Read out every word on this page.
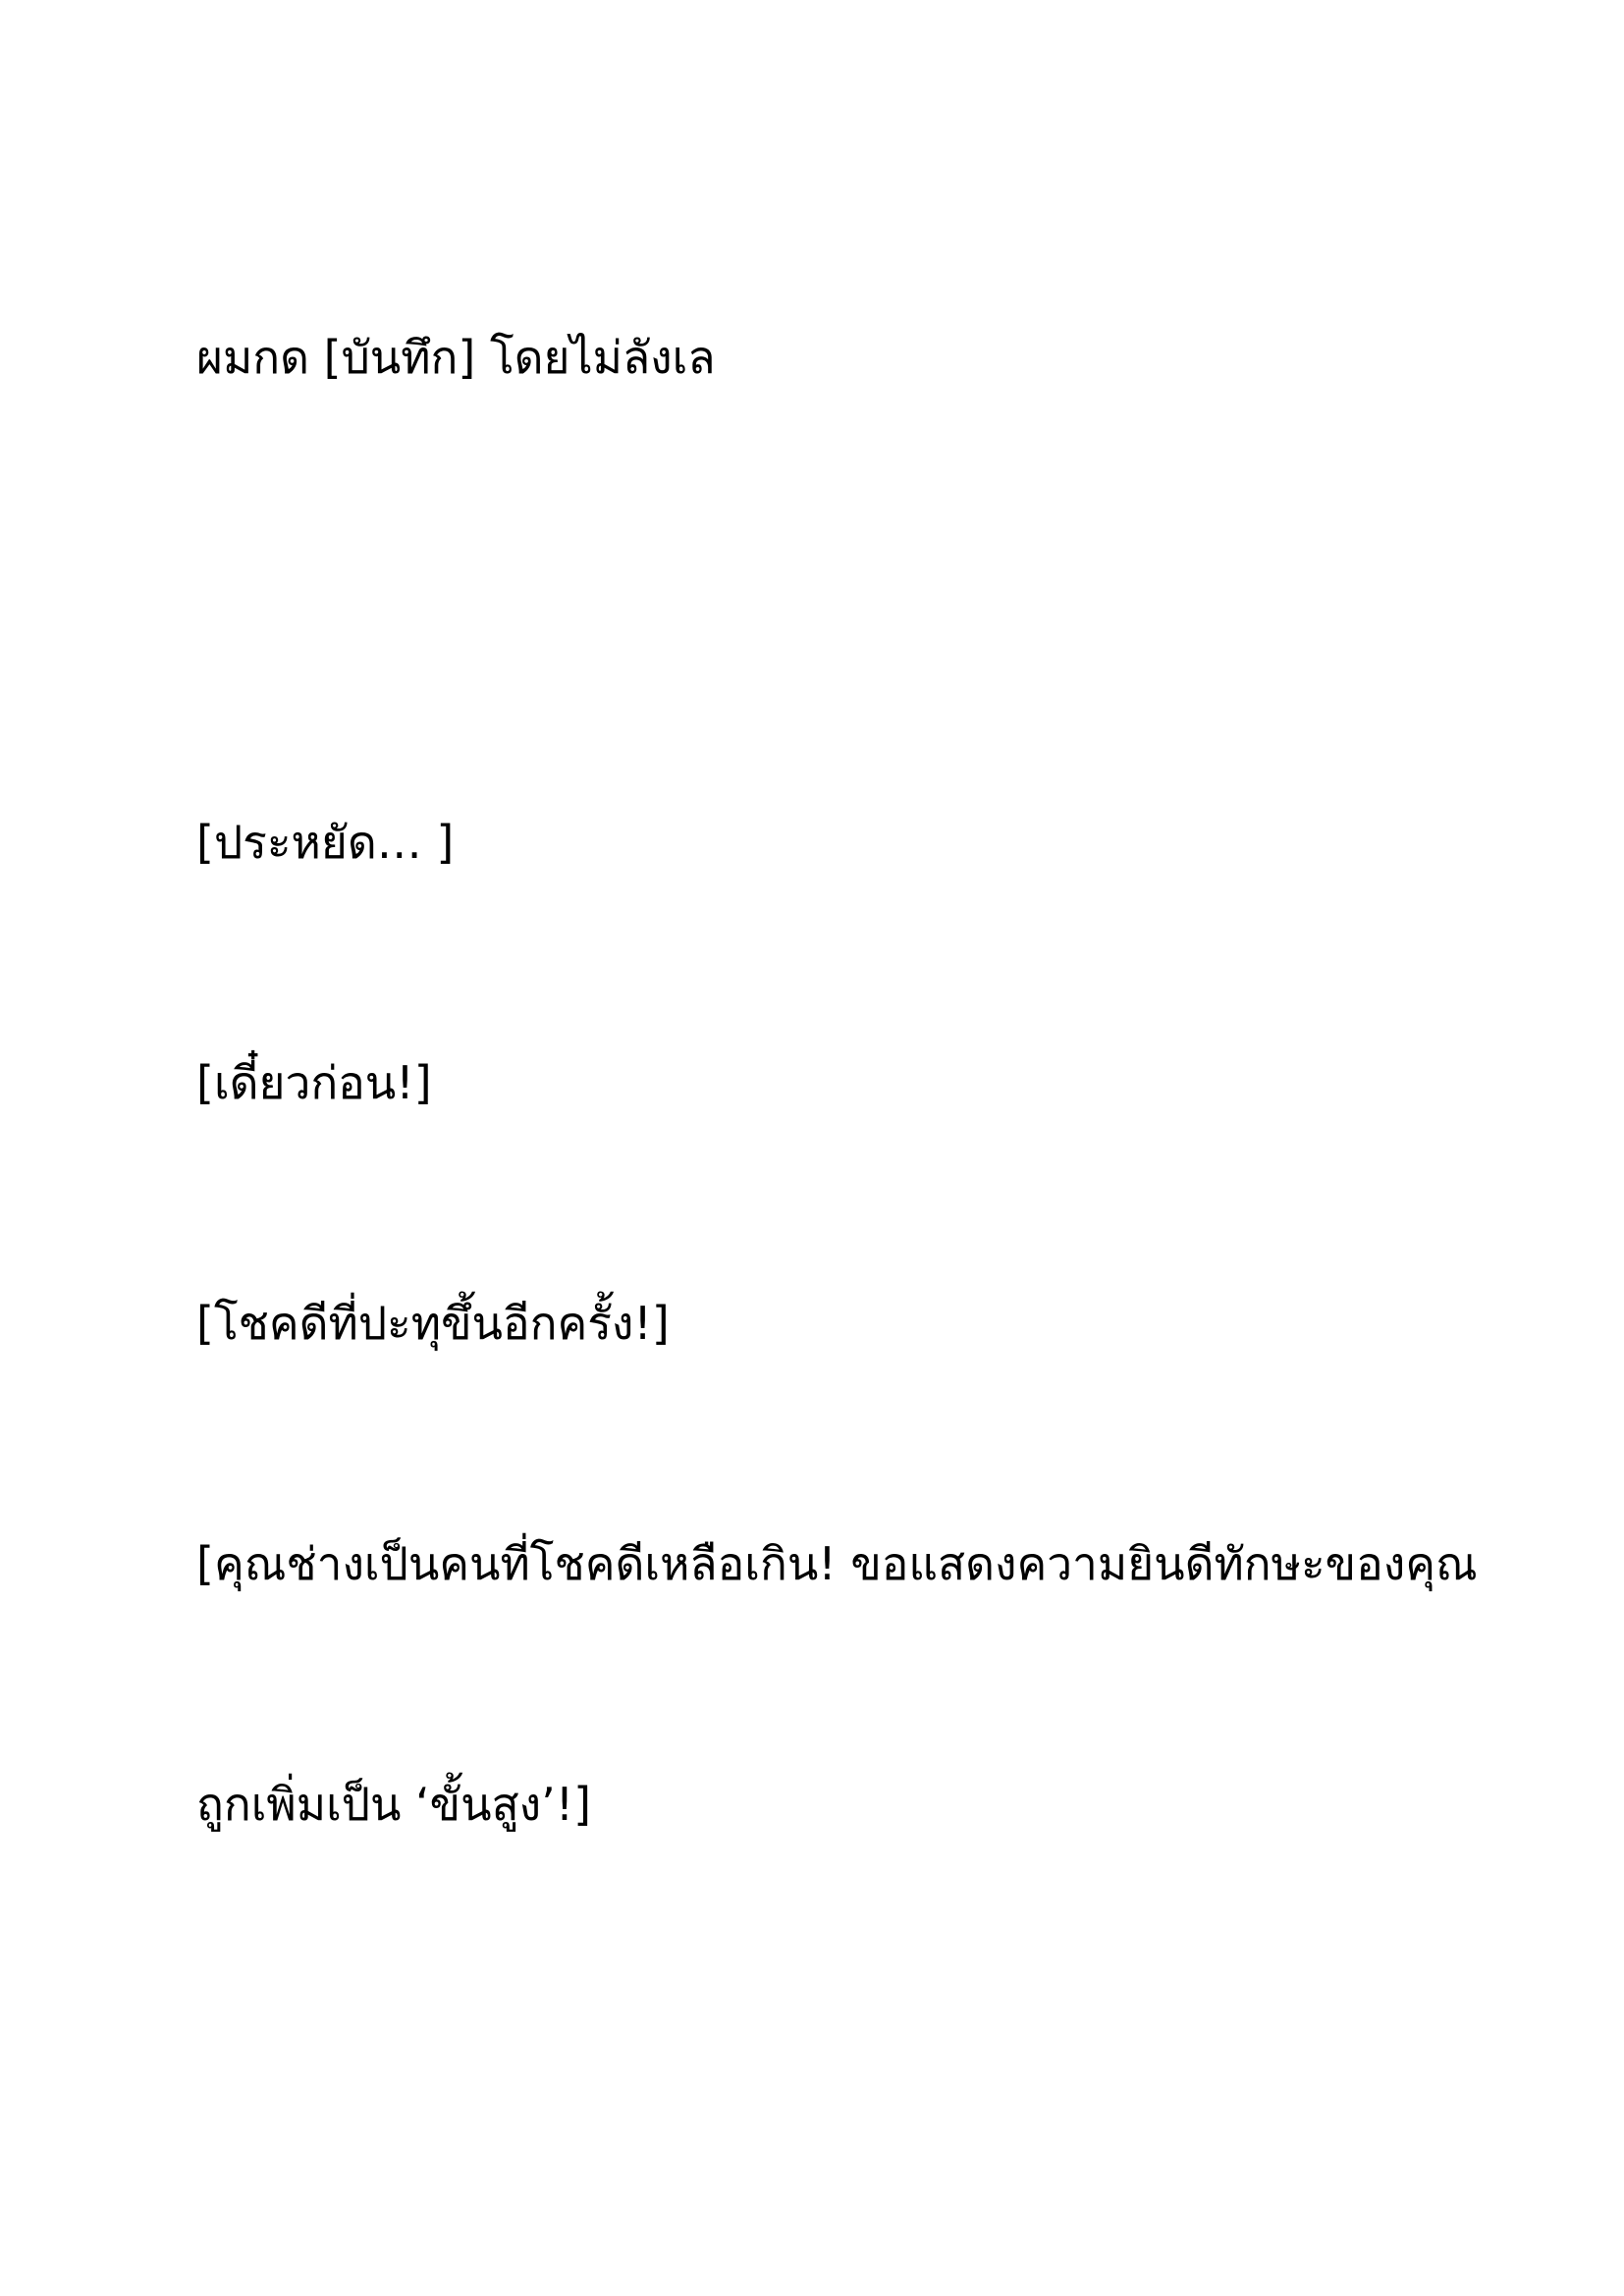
ผมกด [บันทึก] โดยไม่ลังเล

[ประหยัด… ]

[เดี๋ยวก่อน!]

[โชคดีที่ปะทุขึ้นอีกครั้ง!]

[คุณช่างเป็นคนที่โชคดีเหลือเกิน! ขอแสดงความยินดีทักษะของคุณ

ถูกเพิ่มเป็น ‘ขั้นสูง’!]
